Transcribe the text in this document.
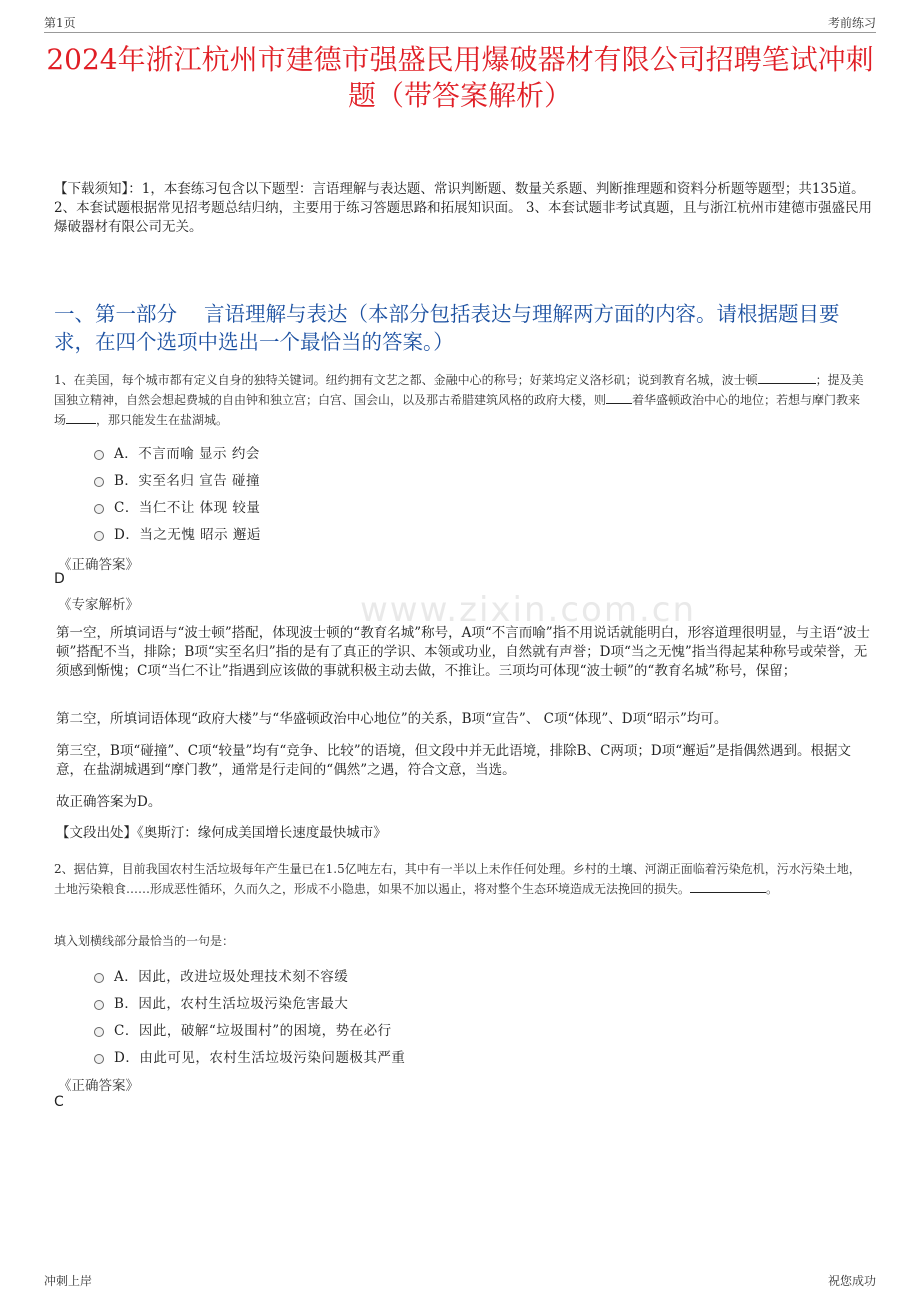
第1页	考前练习
2024年浙江杭州市建德市强盛民用爆破器材有限公司招聘笔试冲刺题（带答案解析）
【下载须知】：1，本套练习包含以下题型：言语理解与表达题、常识判断题、数量关系题、判断推理题和资料分析题等题型；共135道。 2、本套试题根据常见招考题总结归纳，主要用于练习答题思路和拓展知识面。 3、本套试题非考试真题，且与浙江杭州市建德市强盛民用爆破器材有限公司无关。
一、第一部分　 言语理解与表达（本部分包括表达与理解两方面的内容。请根据题目要求，在四个选项中选出一个最恰当的答案。）
www.zixin.com.cn
1、在美国，每个城市都有定义自身的独特关键词。纽约拥有文艺之都、金融中心的称号；好莱坞定义洛杉矶；说到教育名城，波士顿	；提及美国独立精神，自然会想起费城的自由钟和独立宫；白宫、国会山，以及那古希腊建筑风格的政府大楼，则 着华盛顿政治中心的地位；若想与摩门教来场	，那只能发生在盐湖城。
A．不言而喻 显示 约会
B．实至名归 宣告 碰撞
C．当仁不让 体现 较量
D．当之无愧 昭示 邂逅
《正确答案》
D
《专家解析》
第一空，所填词语与“波士顿”搭配，体现波士顿的“教育名城”称号，A项“不言而喻”指不用说话就能明白，形容道理很明显，与主语“波士顿”搭配不当，排除；B项“实至名归”指的是有了真正的学识、本领或功业，自然就有声誉；D项“当之无愧”指当得起某种称号或荣誉，无须感到惭愧；C项“当仁不让”指遇到应该做的事就积极主动去做，不推让。三项均可体现“波士顿”的“教育名城”称号，保留；
第二空，所填词语体现“政府大楼”与“华盛顿政治中心地位”的关系，B项“宣告”、 C项“体现”、D项“昭示”均可。
第三空，B项“碰撞”、C项“较量”均有“竞争、比较”的语境，但文段中并无此语境，排除B、C两项；D项“邂逅”是指偶然遇到。根据文意，在盐湖城遇到“摩门教”，通常是行走间的“偶然”之遇，符合文意，当选。
故正确答案为D。
【文段出处】《奥斯汀：缘何成美国增长速度最快城市》
2、据估算，目前我国农村生活垃圾每年产生量已在1.5亿吨左右，其中有一半以上未作任何处理。乡村的土壤、河湖正面临着污染危机，污水污染土地，土地污染粮食……形成恶性循环，久而久之，形成不小隐患，如果不加以遏止，将对整个生态环境造成无法挽回的损失。	。
填入划横线部分最恰当的一句是：
A．因此，改进垃圾处理技术刻不容缓
B．因此，农村生活垃圾污染危害最大
C．因此，破解“垃圾围村”的困境，势在必行
D．由此可见，农村生活垃圾污染问题极其严重
《正确答案》
C
冲刺上岸	祝您成功
